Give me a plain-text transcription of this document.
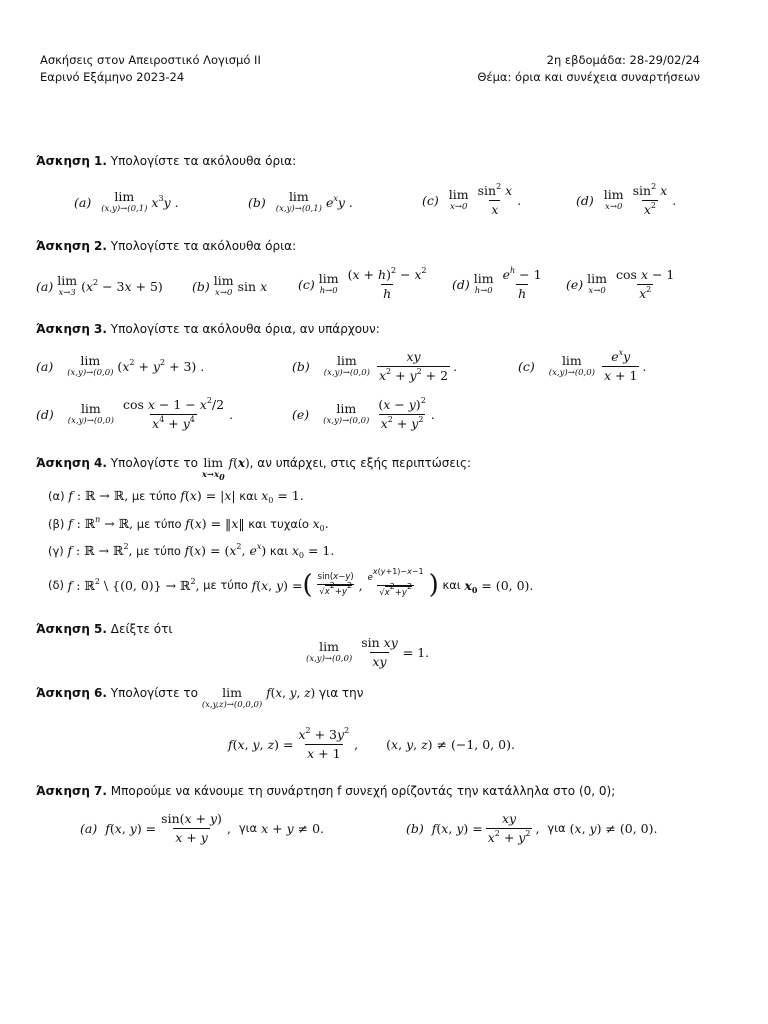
Ασκήσεις στον Απειροστικό Λογισμό ΙΙ
Εαρινό Εξάμηνο 2023-24
2η εβδομάδα: 28-29/02/24
Θέμα: όρια και συνέχεια συναρτήσεων
Άσκηση 1. Υπολογίστε τα ακόλουθα όρια:
(a) lim
(x,y)→(0,1) $x^3y$ .	(b) lim
(x,y)→(0,1) $e^xy$ .	(c) lim
$x\to 0 \frac{\sin^2 x}{x}$ .	(d) lim
$x\to 0 \frac{\sin^2 x}{x^2}$ .
Άσκηση 2. Υπολογίστε τα ακόλουθα όρια:
(a) lim
x→3 $(x^2 - 3x + 5)$ (b) lim
x→0 sin x (c) lim
$h\to 0 \frac{(x + h)^2 - x^2}{h} (d)$ lim
$h\to 0 \frac{e^h - 1}{h} (e)$ lim
$x\to 0 \frac{\text{cos x − 1}}{x^2}$
Άσκηση 3. Υπολογίστε τα ακόλουθα όρια, αν υπάρχουν:
(a) lim
(x,y)→(0,0) $(x^2 + y^2 + 3)$ .	(b) lim
$(x,y)\to(0,0) \frac{xy}{x^2 + y^2 + 2}$ .	(c) lim
$(x,y)\to(0,0) \frac{e^xy}{x + 1}$ .
(d) lim
$(x,y)\to(0,0) \frac{\cos x - 1 - x^2/2}{x^4 + y^4}$ .	(e) lim
$(x,y)\to(0,0) \frac{(x - y)^2}{x^2 + y^2}$ .
Άσκηση 4.
Υπολογίστε το
lim
$x\to x_0$
f(x) , αν υπάρχει, στις εξής περιπτώσεις:
(α)
f : ℝ → ℝ,
με τύπο
f(x) = |x|
και
$x_0 = 1$.
(β)
f : ℝ$^n$ → ℝ,
με τύπο
f(x) = ‖x‖
και τυχαίο
$x_0$.
(γ)
f : ℝ → ℝ$^2$,
με τύπο
$f(x) = (x^2$, $e^x$)
και
$x_0 = 1$.
(δ)
f : ℝ$^2$ \ {(0, 0)} → ℝ$^2$,
με τύπο
f(x, y) = ( $\frac{\sin(x-y)}{√x^2+y^2}$ , $\frac{e^{x(y+1)-x-1}}{√x^2+y^2}$ )
και
$x_0 = (0$, 0).
Άσκηση 5. Δείξτε ότι
lim
$(x,y)\to(0,0) \frac{\text{sin xy}}{xy} = 1$.
Άσκηση 6.
Υπολογίστε το
lim
(x,y,z)→(0,0,0)
f(x, y, z)
για την
f(x, y, $z) = \frac{x^2 + 3y^2}{x + 1}$ , (x, y, z) ≠ (−1, 0, 0).
Άσκηση 7. Μπορούμε να κάνουμε τη συνάρτηση f συνεχή ορίζοντάς την κατάλληλα στο (0, 0);
(a) f(x, $y) = \frac{\sin(x + y)}{x + y}$ , για x + y ≠ 0.	(b) f(x, $y) = \frac{xy}{x^2 + y^2}$ , για (x, y) ≠ (0, 0).
